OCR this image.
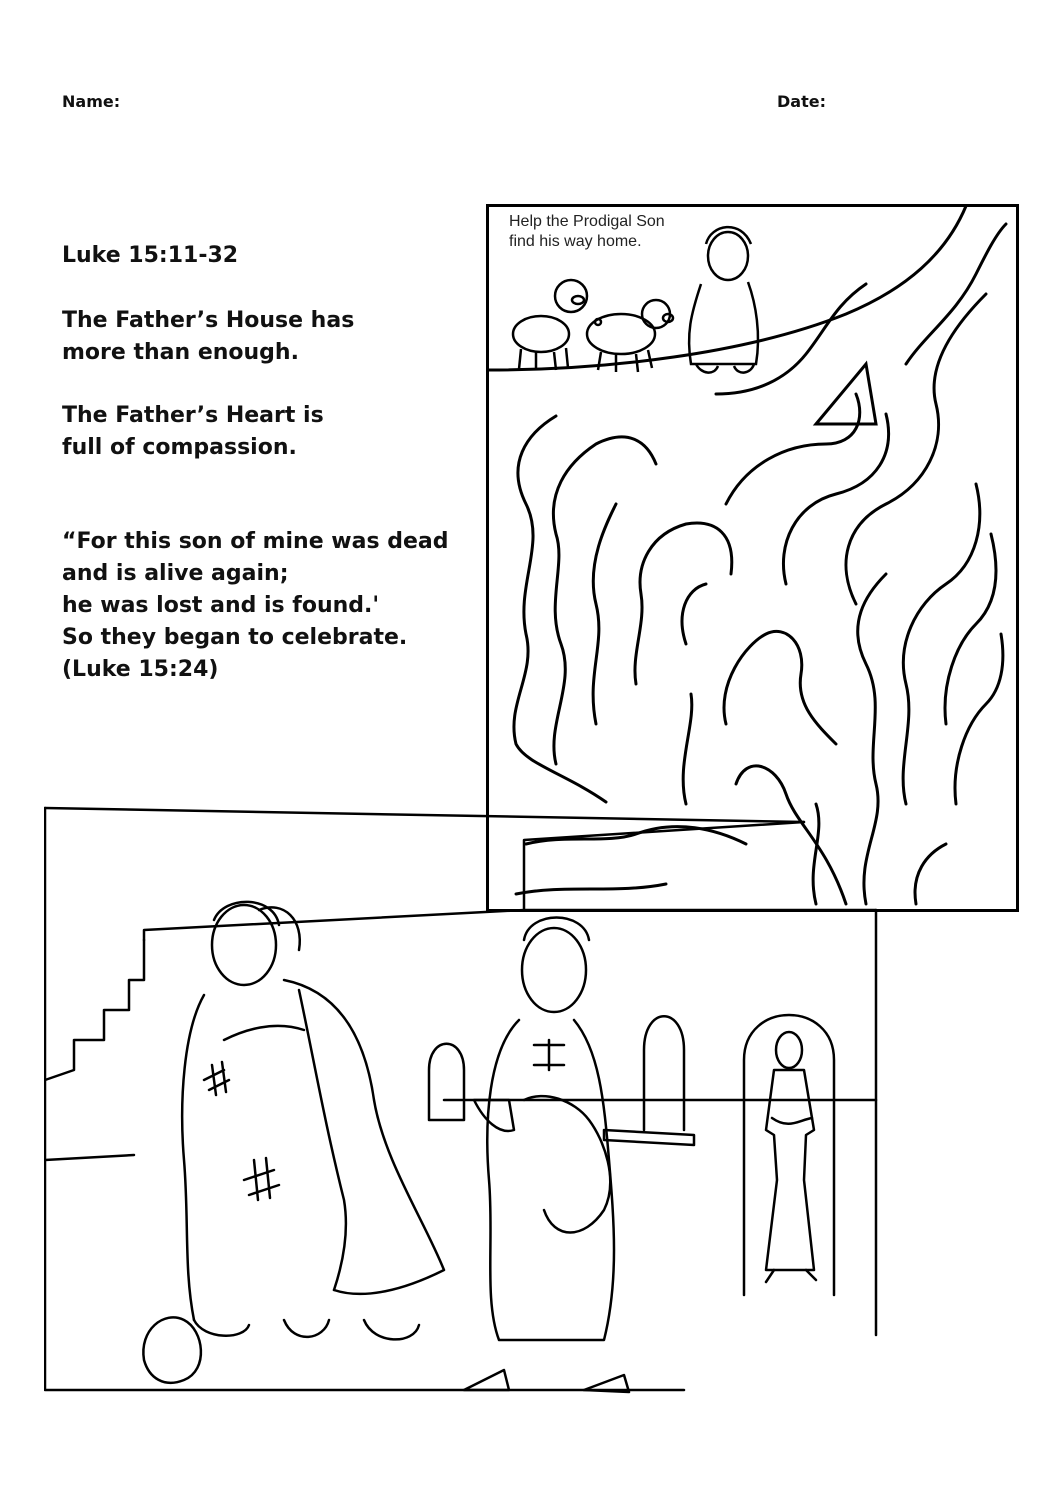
Name:	Date:

Luke 15:11-32

The Father’s House has

more than enough.

The Father’s Heart is

full of compassion.

“For this son of mine was dead

and is alive again;

he was lost and is found.'

So they began to celebrate.

(Luke 15:24)

Help the Prodigal Son
find his way home.
